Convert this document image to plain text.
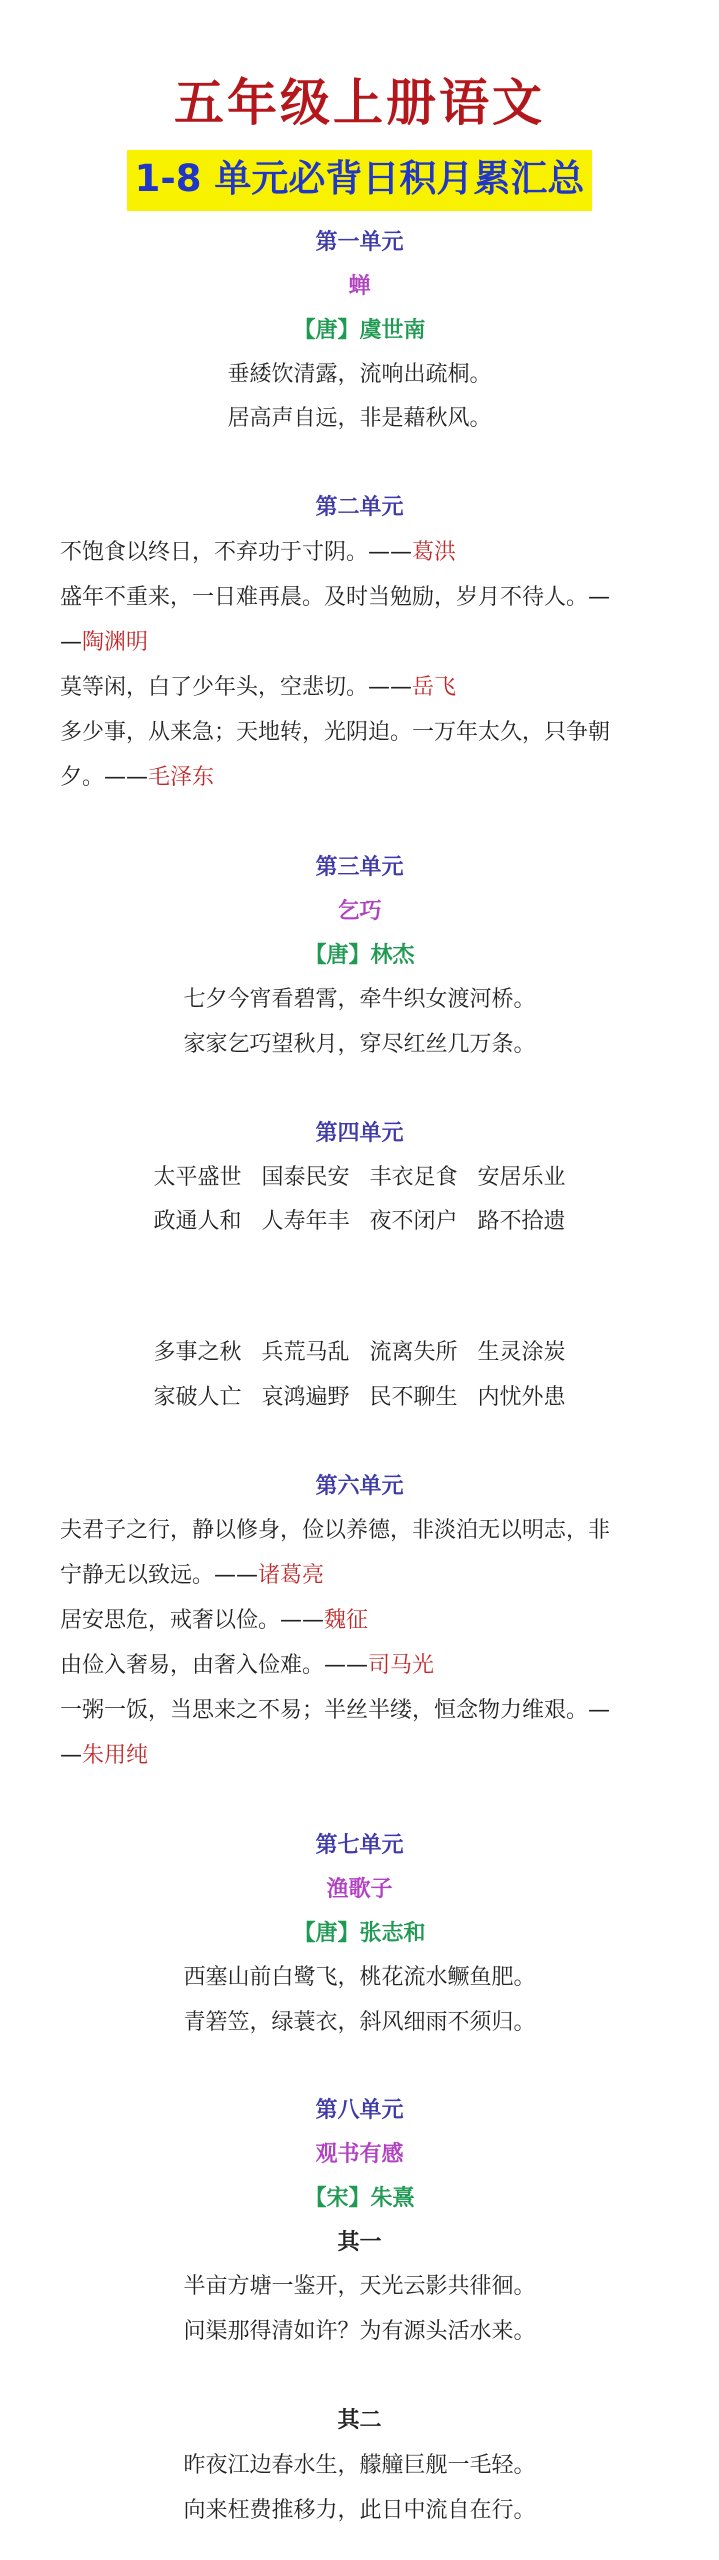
五年级上册语文
1-8 单元必背日积月累汇总
第一单元
蝉
【唐】虞世南
垂緌饮清露，流响出疏桐。
居高声自远，非是藉秋风。
第二单元
不饱食以终日，不弃功于寸阴。——葛洪
盛年不重来，一日难再晨。及时当勉励，岁月不待人。—
—陶渊明
莫等闲，白了少年头，空悲切。——岳飞
多少事，从来急；天地转，光阴迫。一万年太久，只争朝
夕。——毛泽东
第三单元
乞巧
【唐】林杰
七夕今宵看碧霄，牵牛织女渡河桥。
家家乞巧望秋月，穿尽红丝几万条。
第四单元
太平盛世 国泰民安 丰衣足食 安居乐业
政通人和 人寿年丰 夜不闭户 路不拾遗
多事之秋 兵荒马乱 流离失所 生灵涂炭
家破人亡 哀鸿遍野 民不聊生 内忧外患
第六单元
夫君子之行，静以修身，俭以养德，非淡泊无以明志，非
宁静无以致远。——诸葛亮
居安思危，戒奢以俭。——魏征
由俭入奢易，由奢入俭难。——司马光
一粥一饭，当思来之不易；半丝半缕，恒念物力维艰。—
—朱用纯
第七单元
渔歌子
【唐】张志和
西塞山前白鹭飞，桃花流水鳜鱼肥。
青箬笠，绿蓑衣，斜风细雨不须归。
第八单元
观书有感
【宋】朱熹
其一
半亩方塘一鉴开，天光云影共徘徊。
问渠那得清如许？为有源头活水来。
其二
昨夜江边春水生，艨艟巨舰一毛轻。
向来枉费推移力，此日中流自在行。
